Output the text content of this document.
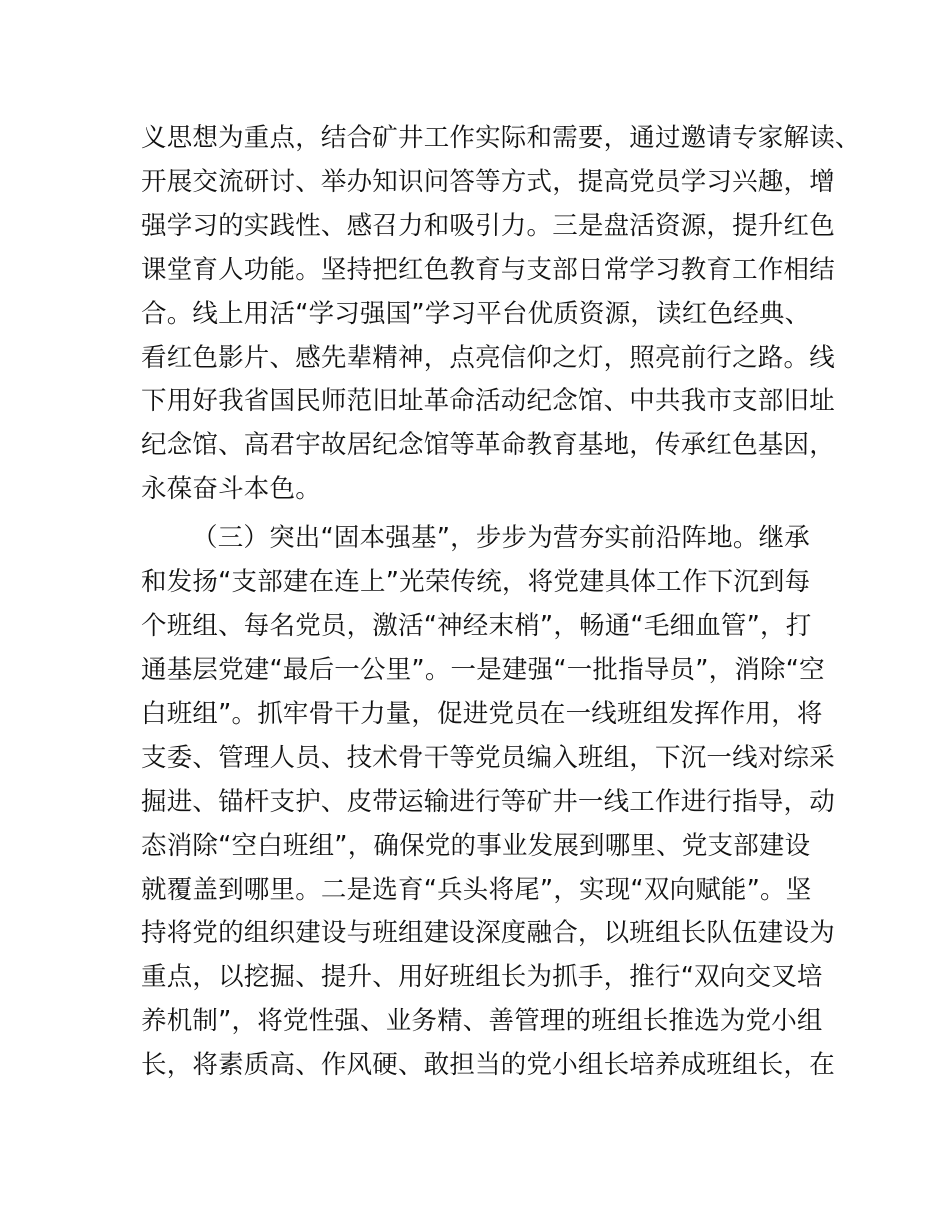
义思想为重点，结合矿井工作实际和需要，通过邀请专家解读、
开展交流研讨、举办知识问答等方式，提高党员学习兴趣，增
强学习的实践性、感召力和吸引力。三是盘活资源，提升红色
课堂育人功能。坚持把红色教育与支部日常学习教育工作相结
合。线上用活“学习强国”学习平台优质资源，读红色经典、
看红色影片、感先辈精神，点亮信仰之灯，照亮前行之路。线
下用好我省国民师范旧址革命活动纪念馆、中共我市支部旧址
纪念馆、高君宇故居纪念馆等革命教育基地，传承红色基因，
永葆奋斗本色。
（三）突出“固本强基”，步步为营夯实前沿阵地。继承
和发扬“支部建在连上”光荣传统，将党建具体工作下沉到每
个班组、每名党员，激活“神经末梢”，畅通“毛细血管”，打
通基层党建“最后一公里”。一是建强“一批指导员”，消除“空
白班组”。抓牢骨干力量，促进党员在一线班组发挥作用，将
支委、管理人员、技术骨干等党员编入班组，下沉一线对综采
掘进、锚杆支护、皮带运输进行等矿井一线工作进行指导，动
态消除“空白班组”，确保党的事业发展到哪里、党支部建设
就覆盖到哪里。二是选育“兵头将尾”，实现“双向赋能”。坚
持将党的组织建设与班组建设深度融合，以班组长队伍建设为
重点，以挖掘、提升、用好班组长为抓手，推行“双向交叉培
养机制”，将党性强、业务精、善管理的班组长推选为党小组
长，将素质高、作风硬、敢担当的党小组长培养成班组长，在
